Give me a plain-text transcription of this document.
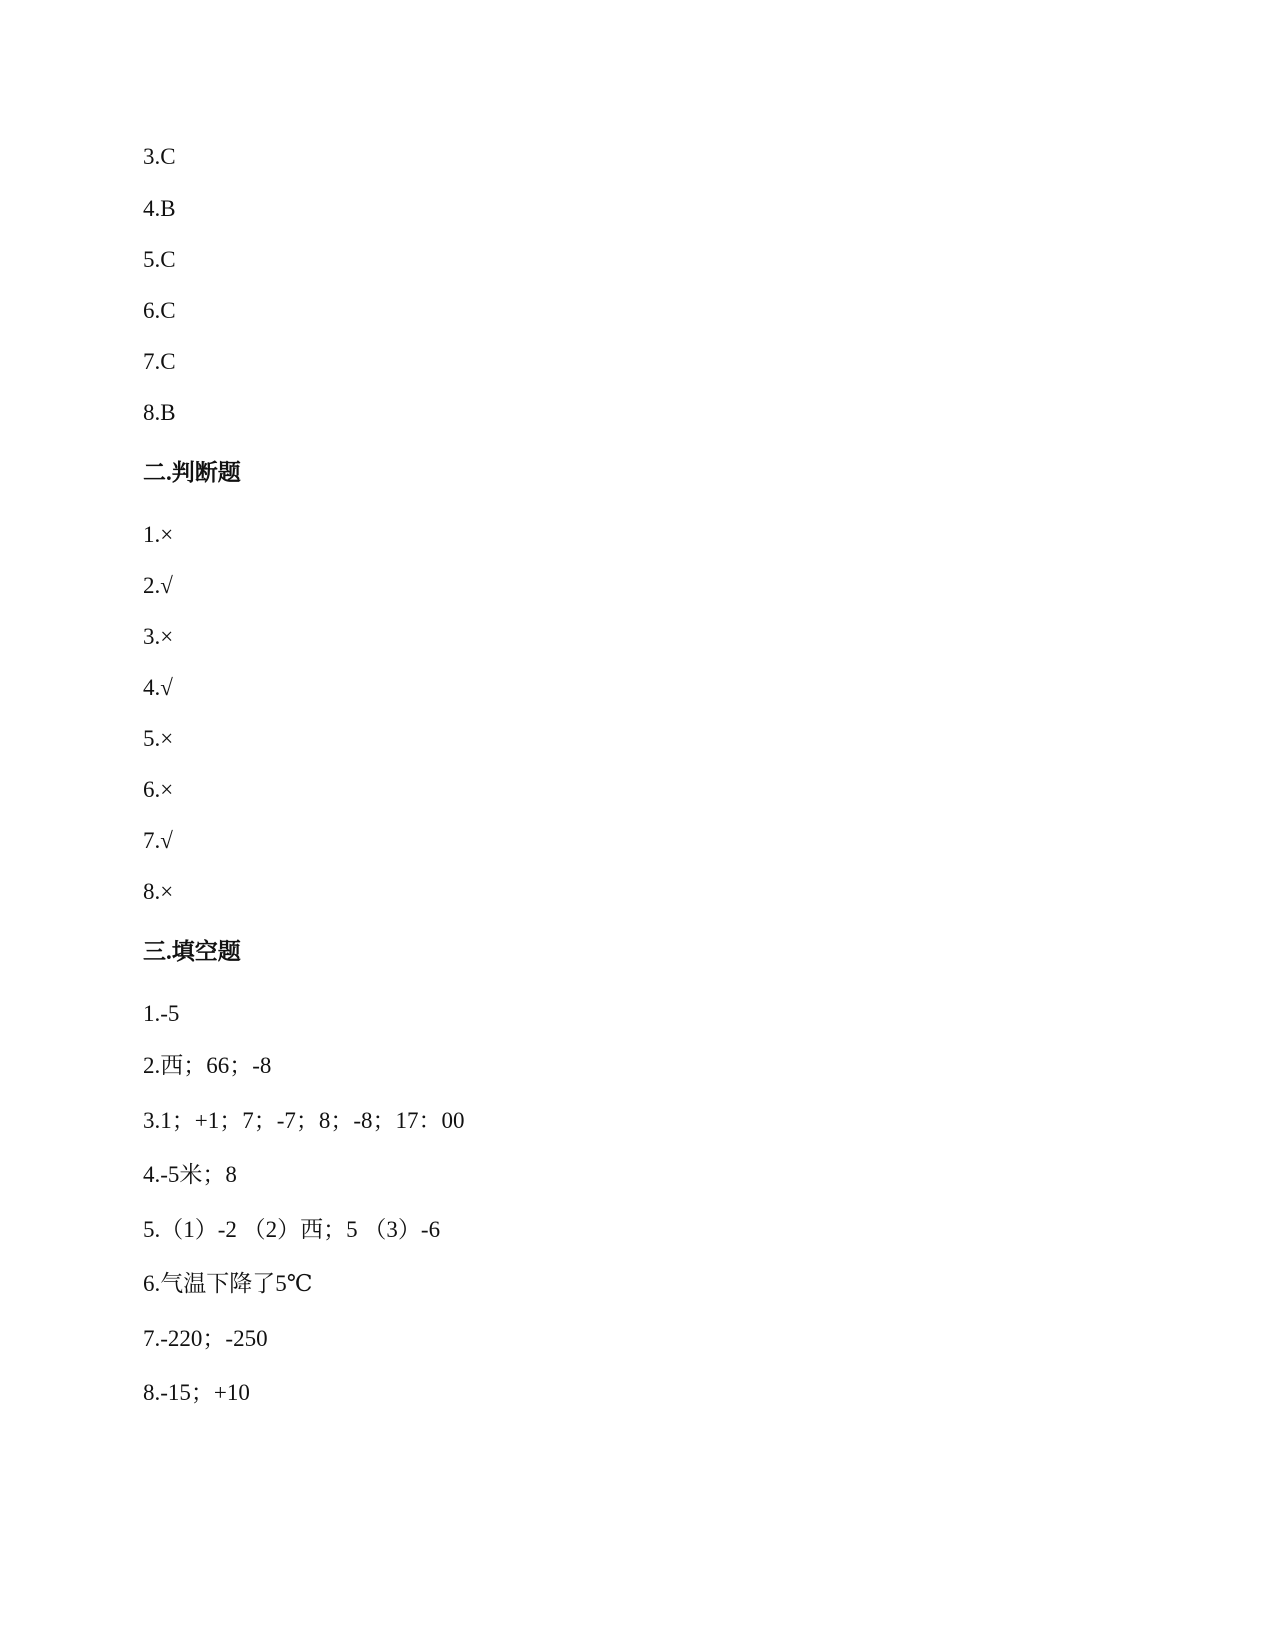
3.C
4.B
5.C
6.C
7.C
8.B
二.判断题
1.×
2.√
3.×
4.√
5.×
6.×
7.√
8.×
三.填空题
1.-5
2.西；66；-8
3.1；+1；7；-7；8；-8；17：00
4.-5米；8
5.（1）-2 （2）西；5 （3）-6
6.气温下降了5℃
7.-220；-250
8.-15；+10
